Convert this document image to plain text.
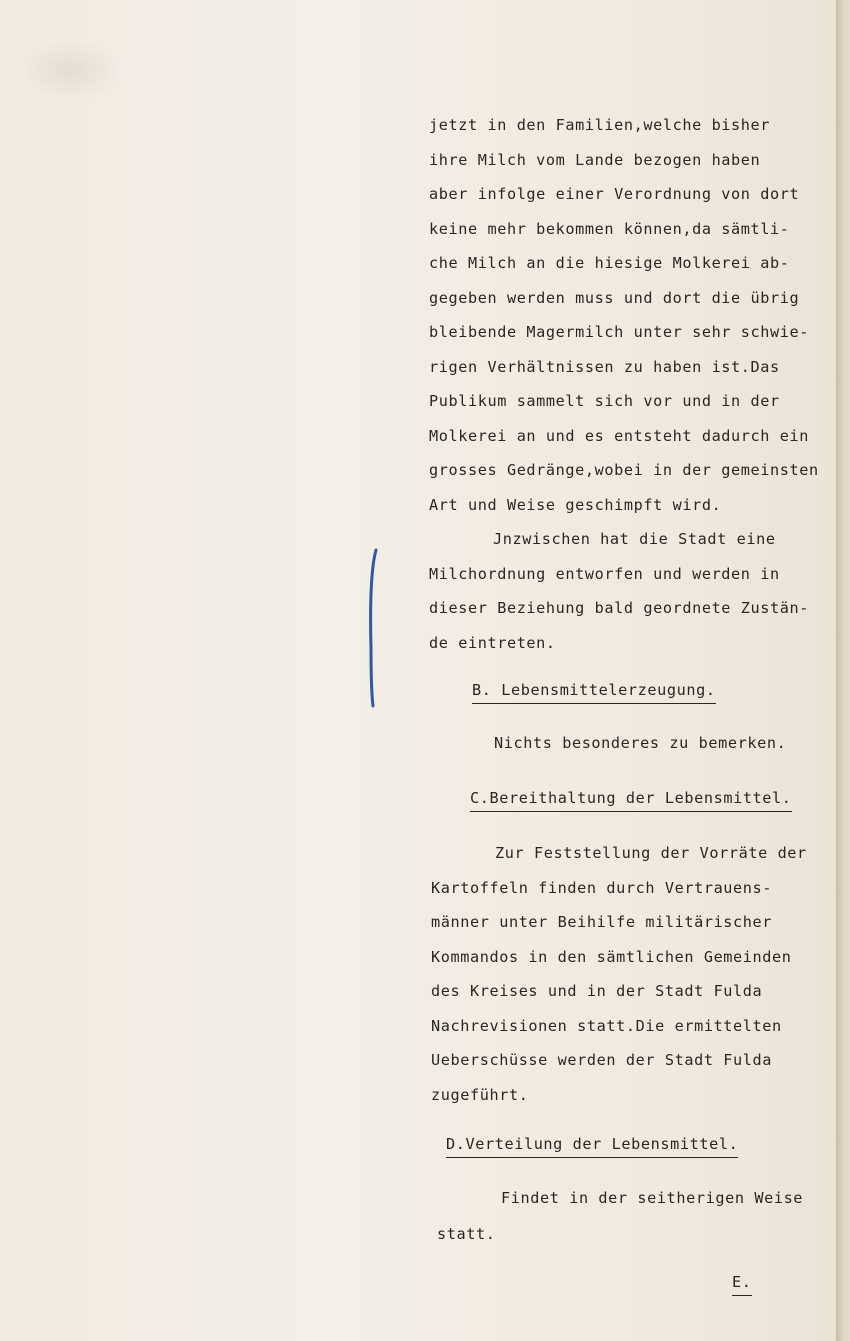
jetzt in den Familien,welche bisher
ihre Milch vom Lande bezogen haben
aber infolge einer Verordnung von dort
keine mehr bekommen können,da sämtli-
che Milch an die hiesige Molkerei ab-
gegeben werden muss und dort die übrig
bleibende Magermilch unter sehr schwie-
rigen Verhältnissen zu haben ist.Das
Publikum sammelt sich vor und in der
Molkerei an und es entsteht dadurch ein
grosses Gedränge,wobei in der gemeinsten
Art und Weise geschimpft wird.
Jnzwischen hat die Stadt eine
Milchordnung entworfen und werden in
dieser Beziehung bald geordnete Zustän-
de eintreten.
B. Lebensmittelerzeugung.
Nichts besonderes zu bemerken.
C.Bereithaltung der Lebensmittel.
Zur Feststellung der Vorräte der
Kartoffeln finden durch Vertrauens-
männer unter Beihilfe militärischer
Kommandos in den sämtlichen Gemeinden
des Kreises und in der Stadt Fulda
Nachrevisionen statt.Die ermittelten
Ueberschüsse werden der Stadt Fulda
zugeführt.
D.Verteilung der Lebensmittel.
Findet in der seitherigen Weise
statt.
E.
